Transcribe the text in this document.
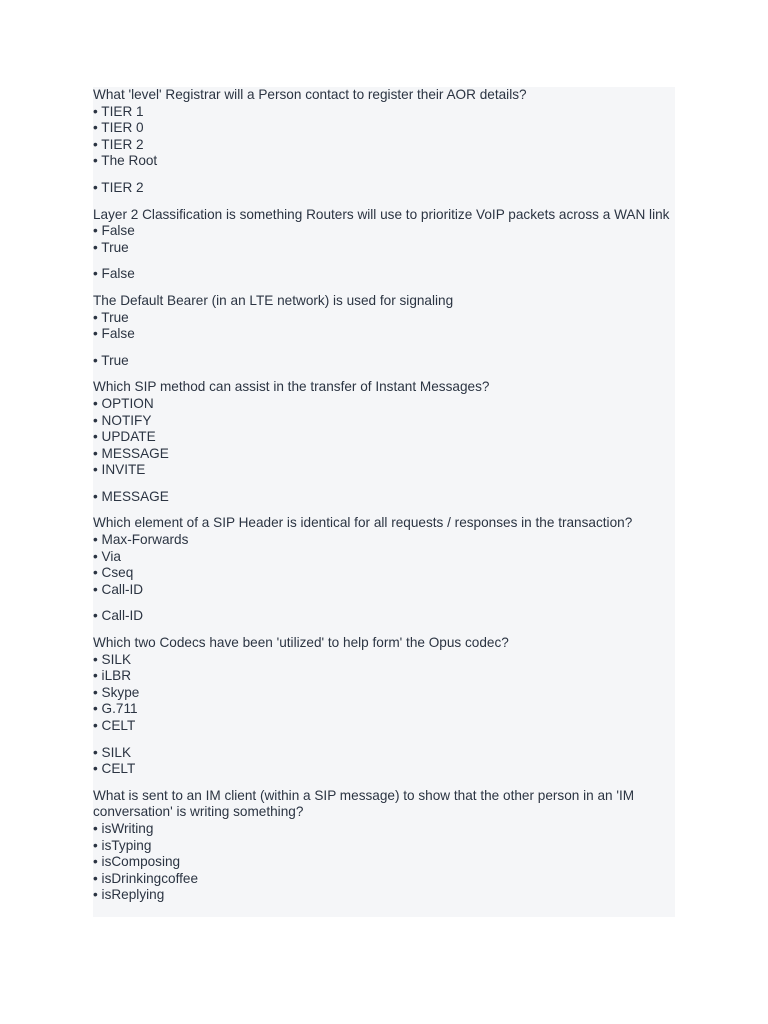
What 'level' Registrar will a Person contact to register their AOR details?
• TIER 1
• TIER 0
• TIER 2
• The Root
• TIER 2
Layer 2 Classification is something Routers will use to prioritize VoIP packets across a WAN link
• False
• True
• False
The Default Bearer (in an LTE network) is used for signaling
• True
• False
• True
Which SIP method can assist in the transfer of Instant Messages?
• OPTION
• NOTIFY
• UPDATE
• MESSAGE
• INVITE
• MESSAGE
Which element of a SIP Header is identical for all requests / responses in the transaction?
• Max-Forwards
• Via
• Cseq
• Call-ID
• Call-ID
Which two Codecs have been 'utilized' to help form' the Opus codec?
• SILK
• iLBR
• Skype
• G.711
• CELT
• SILK
• CELT
What is sent to an IM client (within a SIP message) to show that the other person in an 'IM conversation' is writing something?
• isWriting
• isTyping
• isComposing
• isDrinkingcoffee
• isReplying
